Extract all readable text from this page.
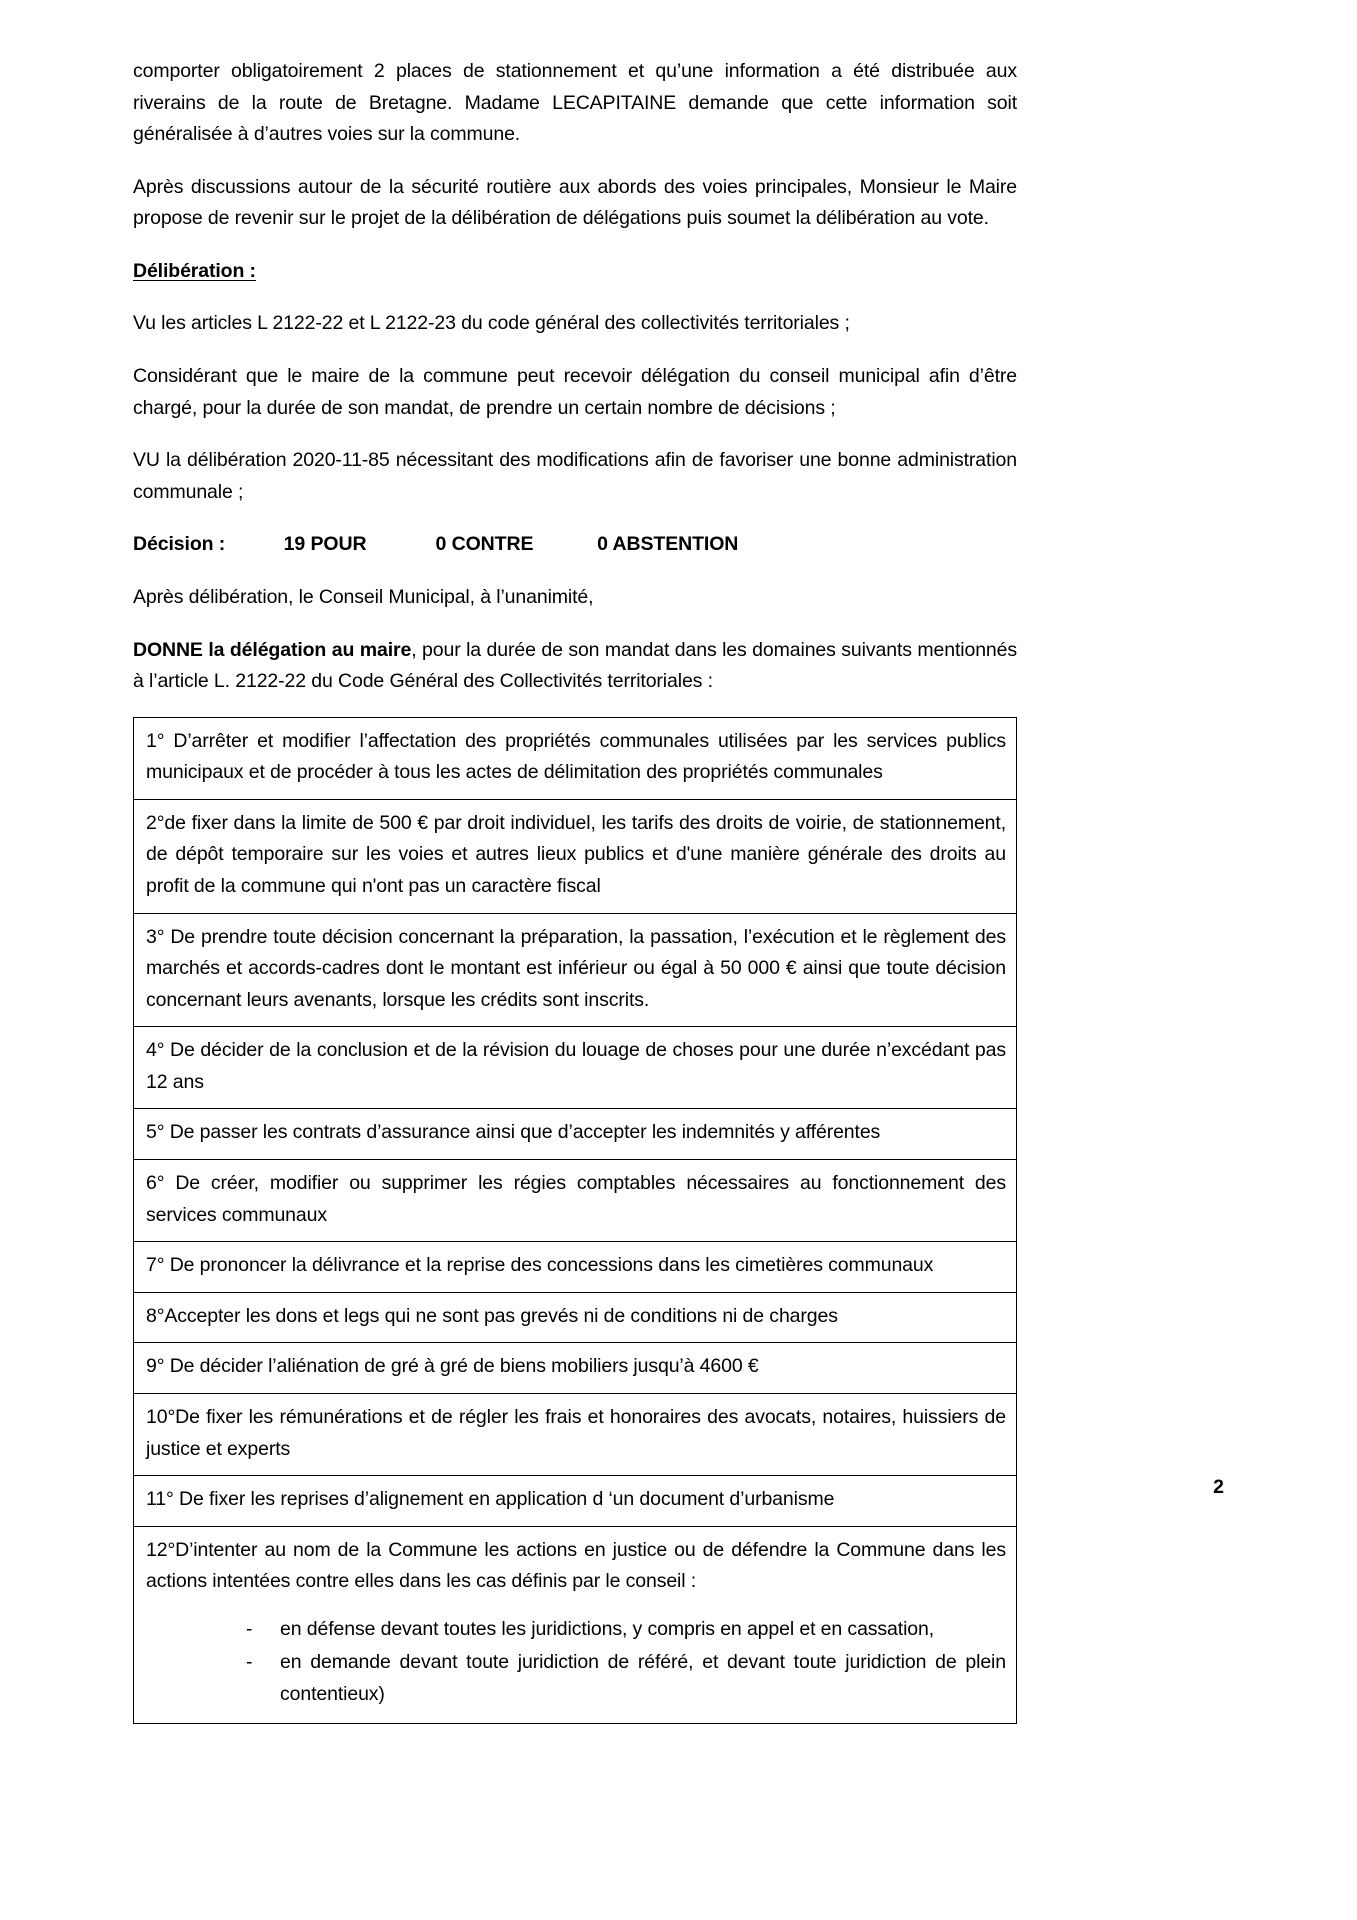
comporter obligatoirement 2 places de stationnement et qu’une information a été distribuée aux riverains de la route de Bretagne. Madame LECAPITAINE demande que cette information soit généralisée à d’autres voies sur la commune.

Après discussions autour de la sécurité routière aux abords des voies principales, Monsieur le Maire propose de revenir sur le projet de la délibération de délégations puis soumet la délibération au vote.

Délibération :

Vu les articles L 2122-22 et L 2122-23 du code général des collectivités territoriales ;

Considérant que le maire de la commune peut recevoir délégation du conseil municipal afin d’être chargé, pour la durée de son mandat, de prendre un certain nombre de décisions ;

VU la délibération 2020-11-85 nécessitant des modifications afin de favoriser une bonne administration communale ;

Décision :           19 POUR             0 CONTRE            0 ABSTENTION

Après délibération, le Conseil Municipal, à l’unanimité,

DONNE la délégation au maire, pour la durée de son mandat dans les domaines suivants mentionnés à l’article L. 2122-22 du Code Général des Collectivités territoriales :

1° D’arrêter et modifier l’affectation des propriétés communales utilisées par les services publics municipaux et de procéder à tous les actes de délimitation des propriétés communales
2°de fixer dans la limite de 500 € par droit individuel, les tarifs des droits de voirie, de stationnement, de dépôt temporaire sur les voies et autres lieux publics et d'une manière générale des droits au profit de la commune qui n'ont pas un caractère fiscal
3° De prendre toute décision concernant la préparation, la passation, l’exécution et le règlement des marchés et accords-cadres dont le montant est inférieur ou égal à 50 000 € ainsi que toute décision concernant leurs avenants, lorsque les crédits sont inscrits.
4° De décider de la conclusion et de la révision du louage de choses pour une durée n’excédant pas 12 ans
5° De passer les contrats d’assurance ainsi que d’accepter les indemnités y afférentes
6° De créer, modifier ou supprimer les régies comptables nécessaires au fonctionnement des services communaux
7° De prononcer la délivrance et la reprise des concessions dans les cimetières communaux
8°Accepter les dons et legs qui ne sont pas grevés ni de conditions ni de charges
9° De décider l’aliénation de gré à gré de biens mobiliers jusqu’à 4600 €
10°De fixer les rémunérations et de régler les frais et honoraires des avocats, notaires, huissiers de justice et experts
11° De fixer les reprises d’alignement en application d ‘un document d’urbanisme
12°D’intenter au nom de la Commune les actions en justice ou de défendre la Commune dans les actions intentées contre elles dans les cas définis par le conseil :
-	en défense devant toutes les juridictions, y compris en appel et en cassation,
-	en demande devant toute juridiction de référé, et devant toute juridiction de plein contentieux)
2
